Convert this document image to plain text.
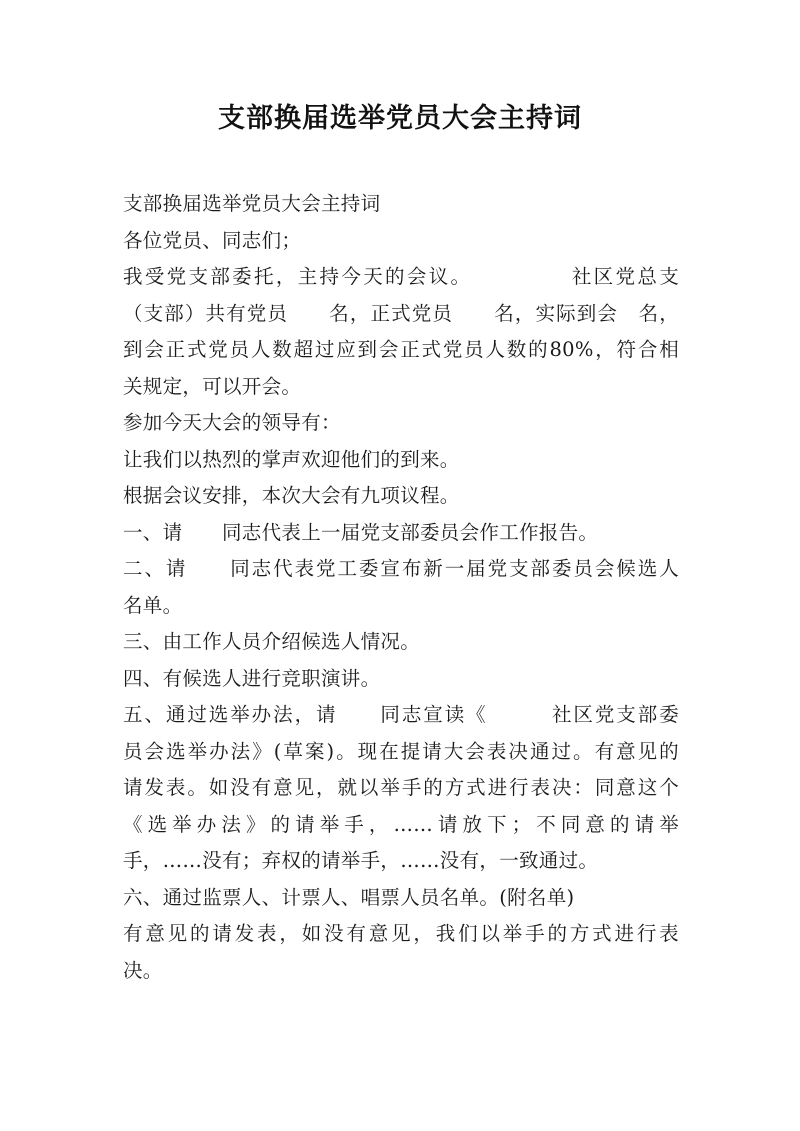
支部换届选举党员大会主持词
支部换届选举党员大会主持词
各位党员、同志们；
我受党支部委托，主持今天的会议。　　　　　社区党总支
（支部）共有党员　　名，正式党员　　名，实际到会　名，
到会正式党员人数超过应到会正式党员人数的80%，符合相
关规定，可以开会。
参加今天大会的领导有：
让我们以热烈的掌声欢迎他们的到来。
根据会议安排，本次大会有九项议程。
一、请　　同志代表上一届党支部委员会作工作报告。
二、请　　同志代表党工委宣布新一届党支部委员会候选人
名单。
三、由工作人员介绍候选人情况。
四、有候选人进行竞职演讲。
五、通过选举办法，请　　同志宣读《　　　社区党支部委
员会选举办法》(草案)。现在提请大会表决通过。有意见的
请发表。如没有意见，就以举手的方式进行表决：同意这个
《选举办法》的请举手，……请放下；不同意的请举
手，……没有；弃权的请举手，……没有，一致通过。
六、通过监票人、计票人、唱票人员名单。(附名单)
有意见的请发表，如没有意见，我们以举手的方式进行表
决。
